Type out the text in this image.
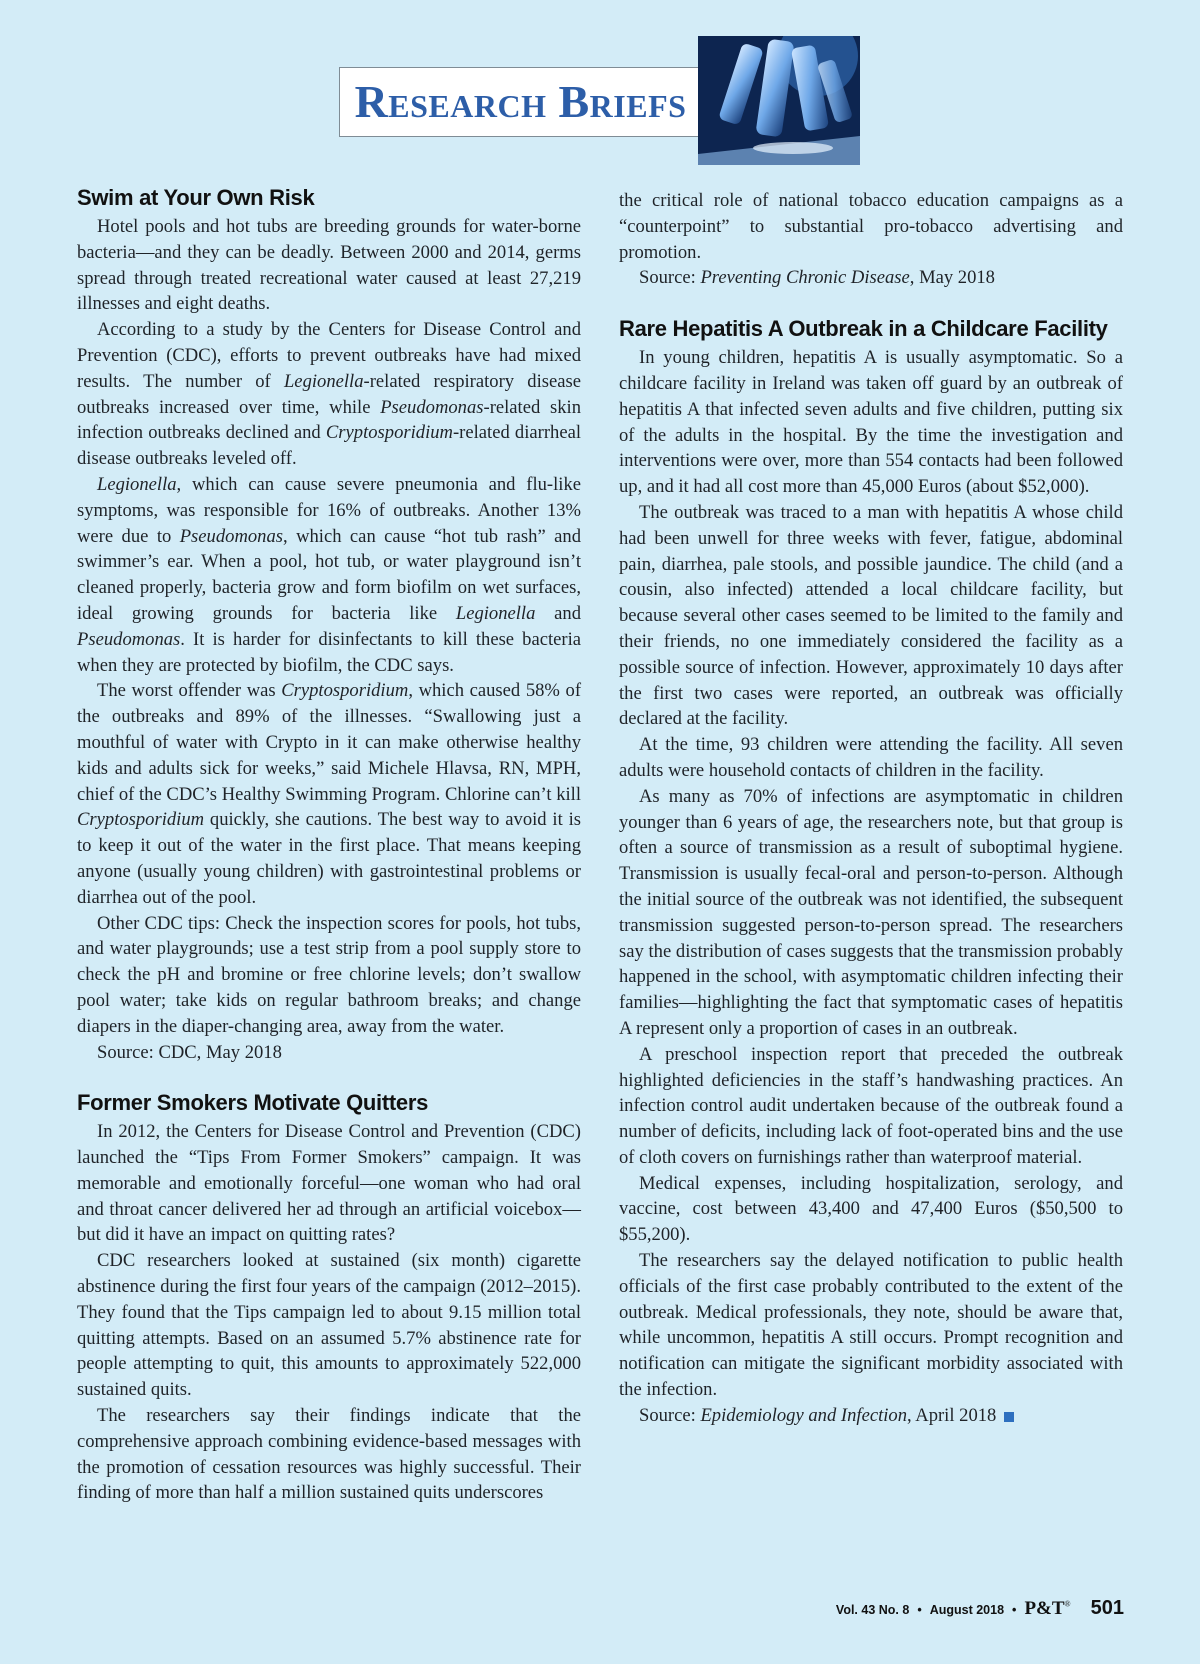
Research Briefs
Swim at Your Own Risk

Hotel pools and hot tubs are breeding grounds for water-borne bacteria—and they can be deadly. Between 2000 and 2014, germs spread through treated recreational water caused at least 27,219 illnesses and eight deaths.

According to a study by the Centers for Disease Control and Prevention (CDC), efforts to prevent outbreaks have had mixed results. The number of Legionella-related respiratory disease outbreaks increased over time, while Pseudomonas-related skin infection outbreaks declined and Cryptosporidium-related diarrheal disease outbreaks leveled off.

Legionella, which can cause severe pneumonia and flu-like symptoms, was responsible for 16% of outbreaks. Another 13% were due to Pseudomonas, which can cause “hot tub rash” and swimmer’s ear. When a pool, hot tub, or water playground isn’t cleaned properly, bacteria grow and form biofilm on wet surfaces, ideal growing grounds for bacteria like Legionella and Pseudomonas. It is harder for disinfectants to kill these bacteria when they are protected by biofilm, the CDC says.

The worst offender was Cryptosporidium, which caused 58% of the outbreaks and 89% of the illnesses. “Swallowing just a mouthful of water with Crypto in it can make otherwise healthy kids and adults sick for weeks,” said Michele Hlavsa, RN, MPH, chief of the CDC’s Healthy Swimming Program. Chlorine can’t kill Cryptosporidium quickly, she cautions. The best way to avoid it is to keep it out of the water in the first place. That means keeping anyone (usually young children) with gastrointestinal problems or diarrhea out of the pool.

Other CDC tips: Check the inspection scores for pools, hot tubs, and water playgrounds; use a test strip from a pool supply store to check the pH and bromine or free chlorine levels; don’t swallow pool water; take kids on regular bathroom breaks; and change diapers in the diaper-changing area, away from the water.

Source: CDC, May 2018

Former Smokers Motivate Quitters

In 2012, the Centers for Disease Control and Prevention (CDC) launched the “Tips From Former Smokers” campaign. It was memorable and emotionally forceful—one woman who had oral and throat cancer delivered her ad through an artificial voicebox—but did it have an impact on quitting rates?

CDC researchers looked at sustained (six month) cigarette abstinence during the first four years of the campaign (2012–2015). They found that the Tips campaign led to about 9.15 million total quitting attempts. Based on an assumed 5.7% abstinence rate for people attempting to quit, this amounts to approximately 522,000 sustained quits.

The researchers say their findings indicate that the comprehensive approach combining evidence-based messages with the promotion of cessation resources was highly successful. Their finding of more than half a million sustained quits underscores

the critical role of national tobacco education campaigns as a “counterpoint” to substantial pro-tobacco advertising and promotion.

Source: Preventing Chronic Disease, May 2018

Rare Hepatitis A Outbreak in a Childcare Facility

In young children, hepatitis A is usually asymptomatic. So a childcare facility in Ireland was taken off guard by an outbreak of hepatitis A that infected seven adults and five children, putting six of the adults in the hospital. By the time the investigation and interventions were over, more than 554 contacts had been followed up, and it had all cost more than 45,000 Euros (about $52,000).

The outbreak was traced to a man with hepatitis A whose child had been unwell for three weeks with fever, fatigue, abdominal pain, diarrhea, pale stools, and possible jaundice. The child (and a cousin, also infected) attended a local childcare facility, but because several other cases seemed to be limited to the family and their friends, no one immediately considered the facility as a possible source of infection. However, approximately 10 days after the first two cases were reported, an outbreak was officially declared at the facility.

At the time, 93 children were attending the facility. All seven adults were household contacts of children in the facility.

As many as 70% of infections are asymptomatic in children younger than 6 years of age, the researchers note, but that group is often a source of transmission as a result of suboptimal hygiene. Transmission is usually fecal-oral and person-to-person. Although the initial source of the outbreak was not identified, the subsequent transmission suggested person-to-person spread. The researchers say the distribution of cases suggests that the transmission probably happened in the school, with asymptomatic children infecting their families—highlighting the fact that symptomatic cases of hepatitis A represent only a proportion of cases in an outbreak.

A preschool inspection report that preceded the outbreak highlighted deficiencies in the staff’s handwashing practices. An infection control audit undertaken because of the outbreak found a number of deficits, including lack of foot-operated bins and the use of cloth covers on furnishings rather than waterproof material.

Medical expenses, including hospitalization, serology, and vaccine, cost between 43,400 and 47,400 Euros ($50,500 to $55,200).

The researchers say the delayed notification to public health officials of the first case probably contributed to the extent of the outbreak. Medical professionals, they note, should be aware that, while uncommon, hepatitis A still occurs. Prompt recognition and notification can mitigate the significant morbidity associated with the infection.

Source: Epidemiology and Infection, April 2018

Vol. 43 No. 8 • August 2018 • P&T® 501
